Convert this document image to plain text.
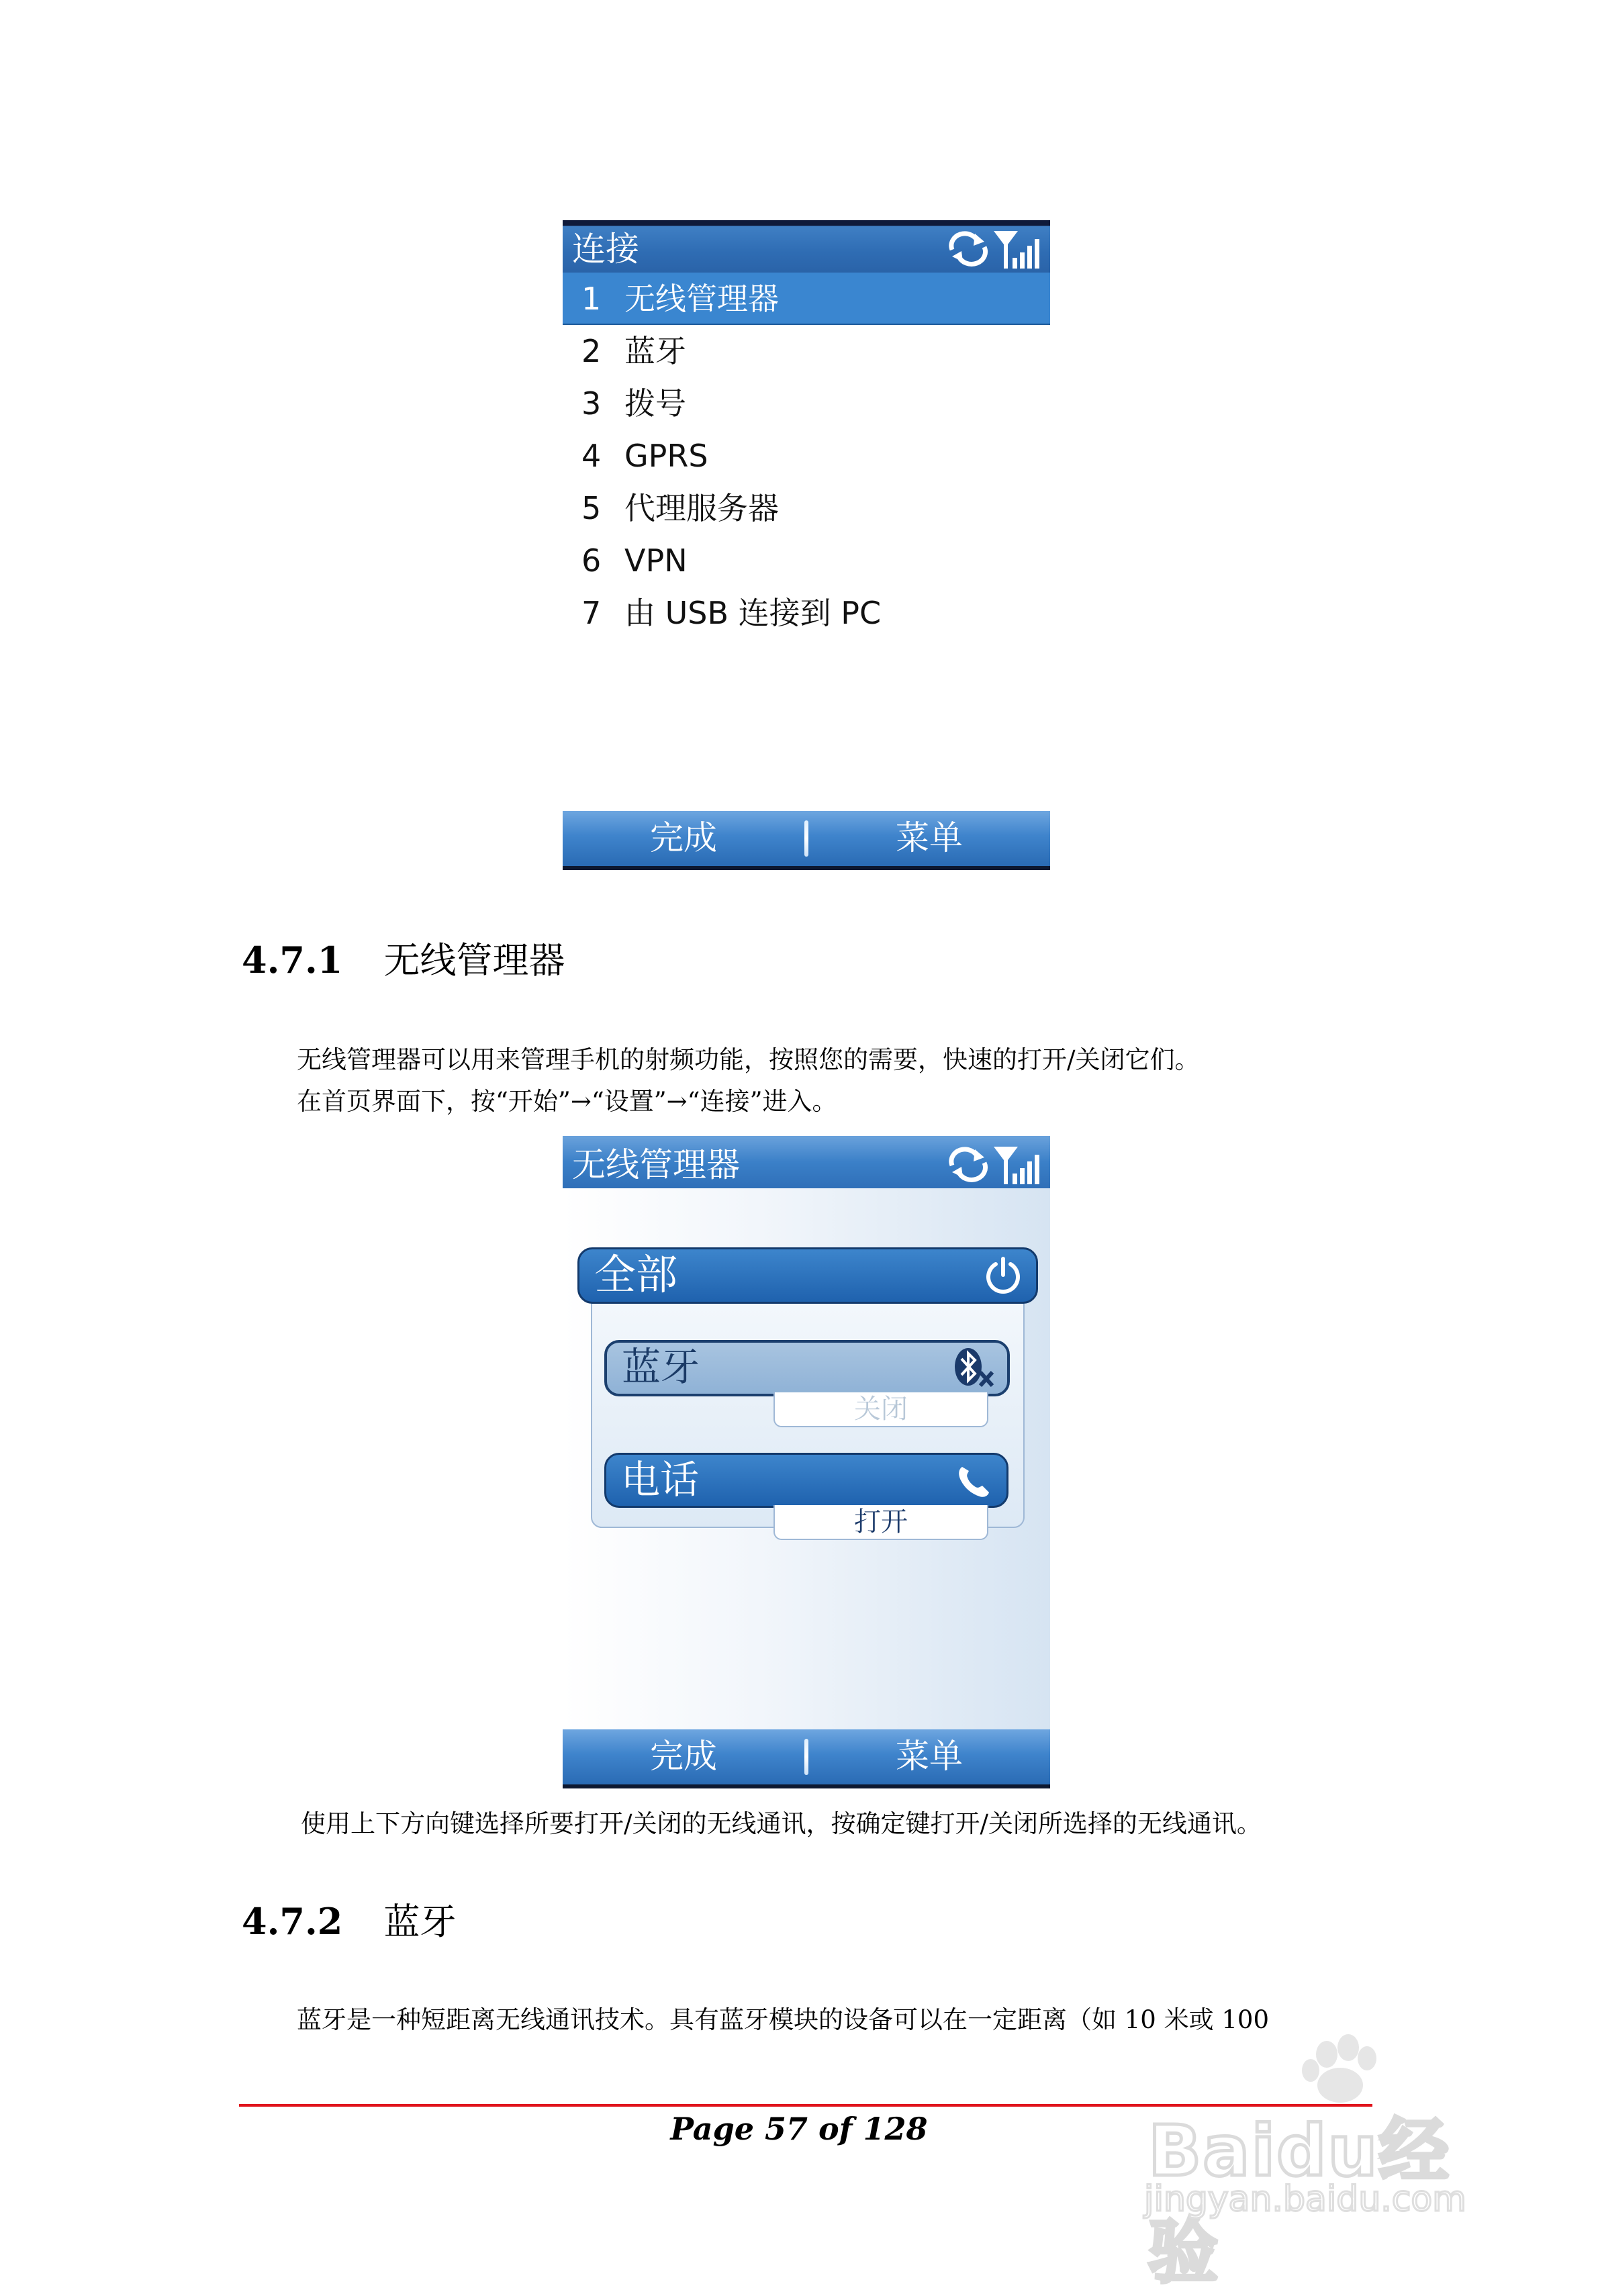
连接
1 无线管理器
2 蓝牙
3 拨号
4 GPRS
5 代理服务器
6 VPN
7 由 USB 连接到 PC
完成	菜单
4.7.1 无线管理器
无线管理器可以用来管理手机的射频功能，按照您的需要，快速的打开/关闭它们。
在首页界面下，按“开始”→“设置”→“连接”进入。
无线管理器
全部
蓝牙
关闭
电话
打开
完成	菜单
使用上下方向键选择所要打开/关闭的无线通讯，按确定键打开/关闭所选择的无线通讯。
4.7.2 蓝牙
蓝牙是一种短距离无线通讯技术。具有蓝牙模块的设备可以在一定距离（如 10 米或 100
Page 57 of 128	Baidu经验
jingyan.baidu.com
